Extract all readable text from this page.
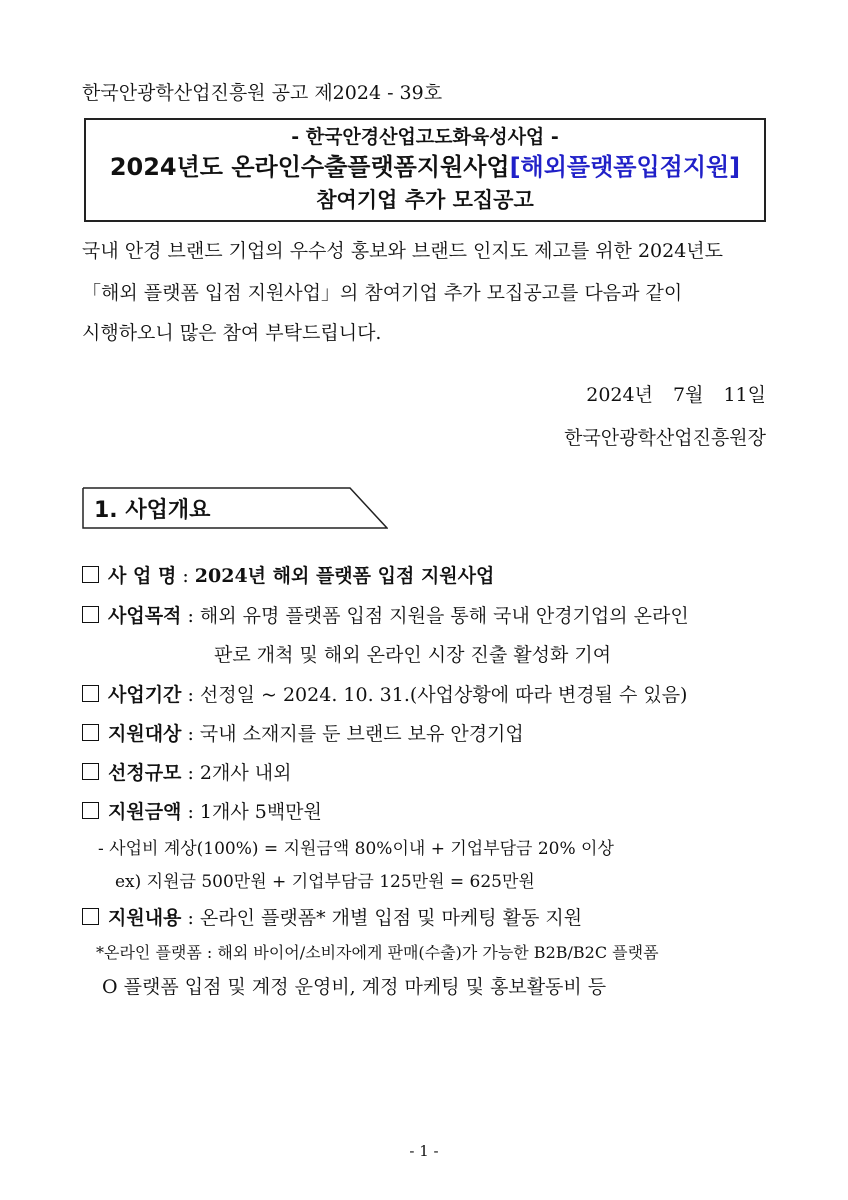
한국안광학산업진흥원 공고 제2024 - 39호
- 한국안경산업고도화육성사업 -
2024년도 온라인수출플랫폼지원사업[해외플랫폼입점지원]
참여기업 추가 모집공고
국내 안경 브랜드 기업의 우수성 홍보와 브랜드 인지도 제고를 위한 2024년도
「해외 플랫폼 입점 지원사업」의 참여기업 추가 모집공고를 다음과 같이
시행하오니 많은 참여 부탁드립니다.
2024년 7월 11일
한국안광학산업진흥원장
1. 사업개요
사 업 명 : 2024년 해외 플랫폼 입점 지원사업
사업목적 : 해외 유명 플랫폼 입점 지원을 통해 국내 안경기업의 온라인
판로 개척 및 해외 온라인 시장 진출 활성화 기여
사업기간 : 선정일 ~ 2024. 10. 31.(사업상황에 따라 변경될 수 있음)
지원대상 : 국내 소재지를 둔 브랜드 보유 안경기업
선정규모 : 2개사 내외
지원금액 : 1개사 5백만원
- 사업비 계상(100%) = 지원금액 80%이내 + 기업부담금 20% 이상
ex) 지원금 500만원 + 기업부담금 125만원 = 625만원
지원내용 : 온라인 플랫폼* 개별 입점 및 마케팅 활동 지원
*온라인 플랫폼 : 해외 바이어/소비자에게 판매(수출)가 가능한 B2B/B2C 플랫폼
O 플랫폼 입점 및 계정 운영비, 계정 마케팅 및 홍보활동비 등
- 1 -
